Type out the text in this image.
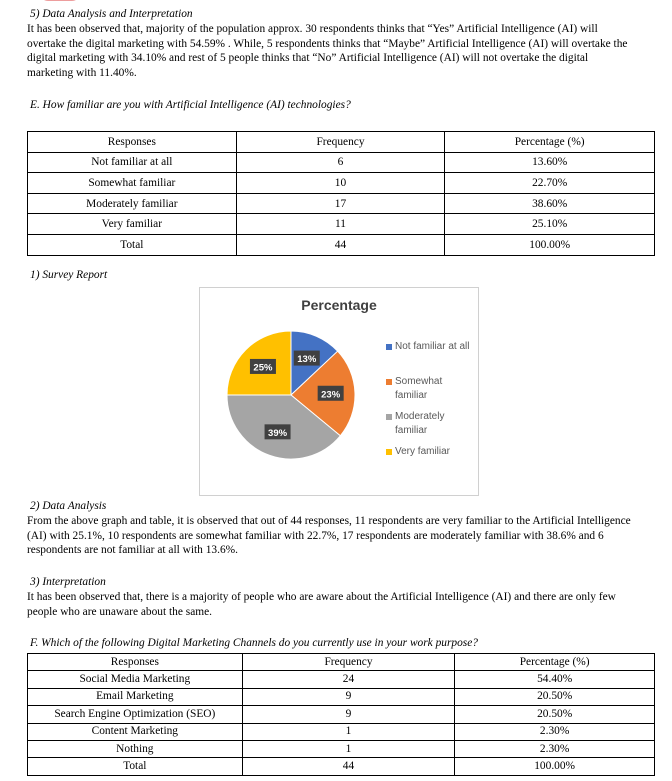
5) Data Analysis and Interpretation
It has been observed that, majority of the population approx. 30 respondents thinks that “Yes” Artificial Intelligence (AI) will
overtake the digital marketing with 54.59% . While, 5 respondents thinks that “Maybe” Artificial Intelligence (AI) will overtake the
digital marketing with 34.10% and rest of 5 people thinks that “No” Artificial Intelligence (AI) will not overtake the digital
marketing with 11.40%.
E. How familiar are you with Artificial Intelligence (AI) technologies?
Responses	Frequency	Percentage (%)
Not familiar at all	6	13.60%
Somewhat familiar	10	22.70%
Moderately familiar	17	38.60%
Very familiar	11	25.10%
Total	44	100.00%
1) Survey Report
Percentage
13%
23%
39%
25%
Not familiar at all
Somewhat familiar
Moderately familiar
Very familiar
2) Data Analysis
From the above graph and table, it is observed that out of 44 responses, 11 respondents are very familiar to the Artificial Intelligence
(AI) with 25.1%, 10 respondents are somewhat familiar with 22.7%, 17 respondents are moderately familiar with 38.6% and 6
respondents are not familiar at all with 13.6%.
3) Interpretation
It has been observed that, there is a majority of people who are aware about the Artificial Intelligence (AI) and there are only few
people who are unaware about the same.
F. Which of the following Digital Marketing Channels do you currently use in your work purpose?
Responses	Frequency	Percentage (%)
Social Media Marketing	24	54.40%
Email Marketing	9	20.50%
Search Engine Optimization (SEO)	9	20.50%
Content Marketing	1	2.30%
Nothing	1	2.30%
Total	44	100.00%
